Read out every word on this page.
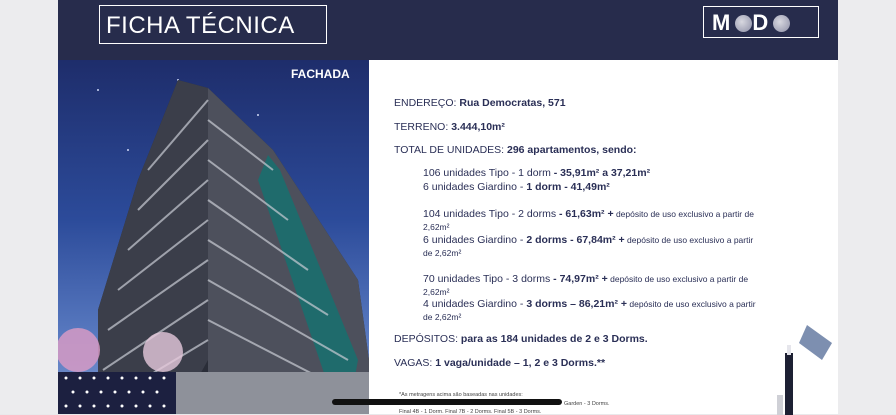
FICHA TÉCNICA	M D
FACHADA
ENDEREÇO: Rua Democratas, 571
TERRENO: 3.444,10m²
TOTAL DE UNIDADES: 296 apartamentos, sendo:
106 unidades Tipo - 1 dorm - 35,91m² a 37,21m²
6 unidades Giardino - 1 dorm - 41,49m²
104 unidades Tipo - 2 dorms - 61,63m² + depósito de uso exclusivo a partir de 2,62m²
6 unidades Giardino - 2 dorms - 67,84m² + depósito de uso exclusivo a partir de 2,62m²
70 unidades Tipo - 3 dorms - 74,97m² + depósito de uso exclusivo a partir de 2,62m²
4 unidades Giardino - 3 dorms – 86,21m² + depósito de uso exclusivo a partir de 2,62m²
DEPÓSITOS: para as 184 unidades de 2 e 3 Dorms.
VAGAS: 1 vaga/unidade – 1, 2 e 3 Dorms.**
*As metragens acima são baseadas nas unidades:
Garden - 3 Dorms.
Final 4B - 1 Dorm. Final 7B - 2 Dorms. Final 5B - 3 Dorms.
